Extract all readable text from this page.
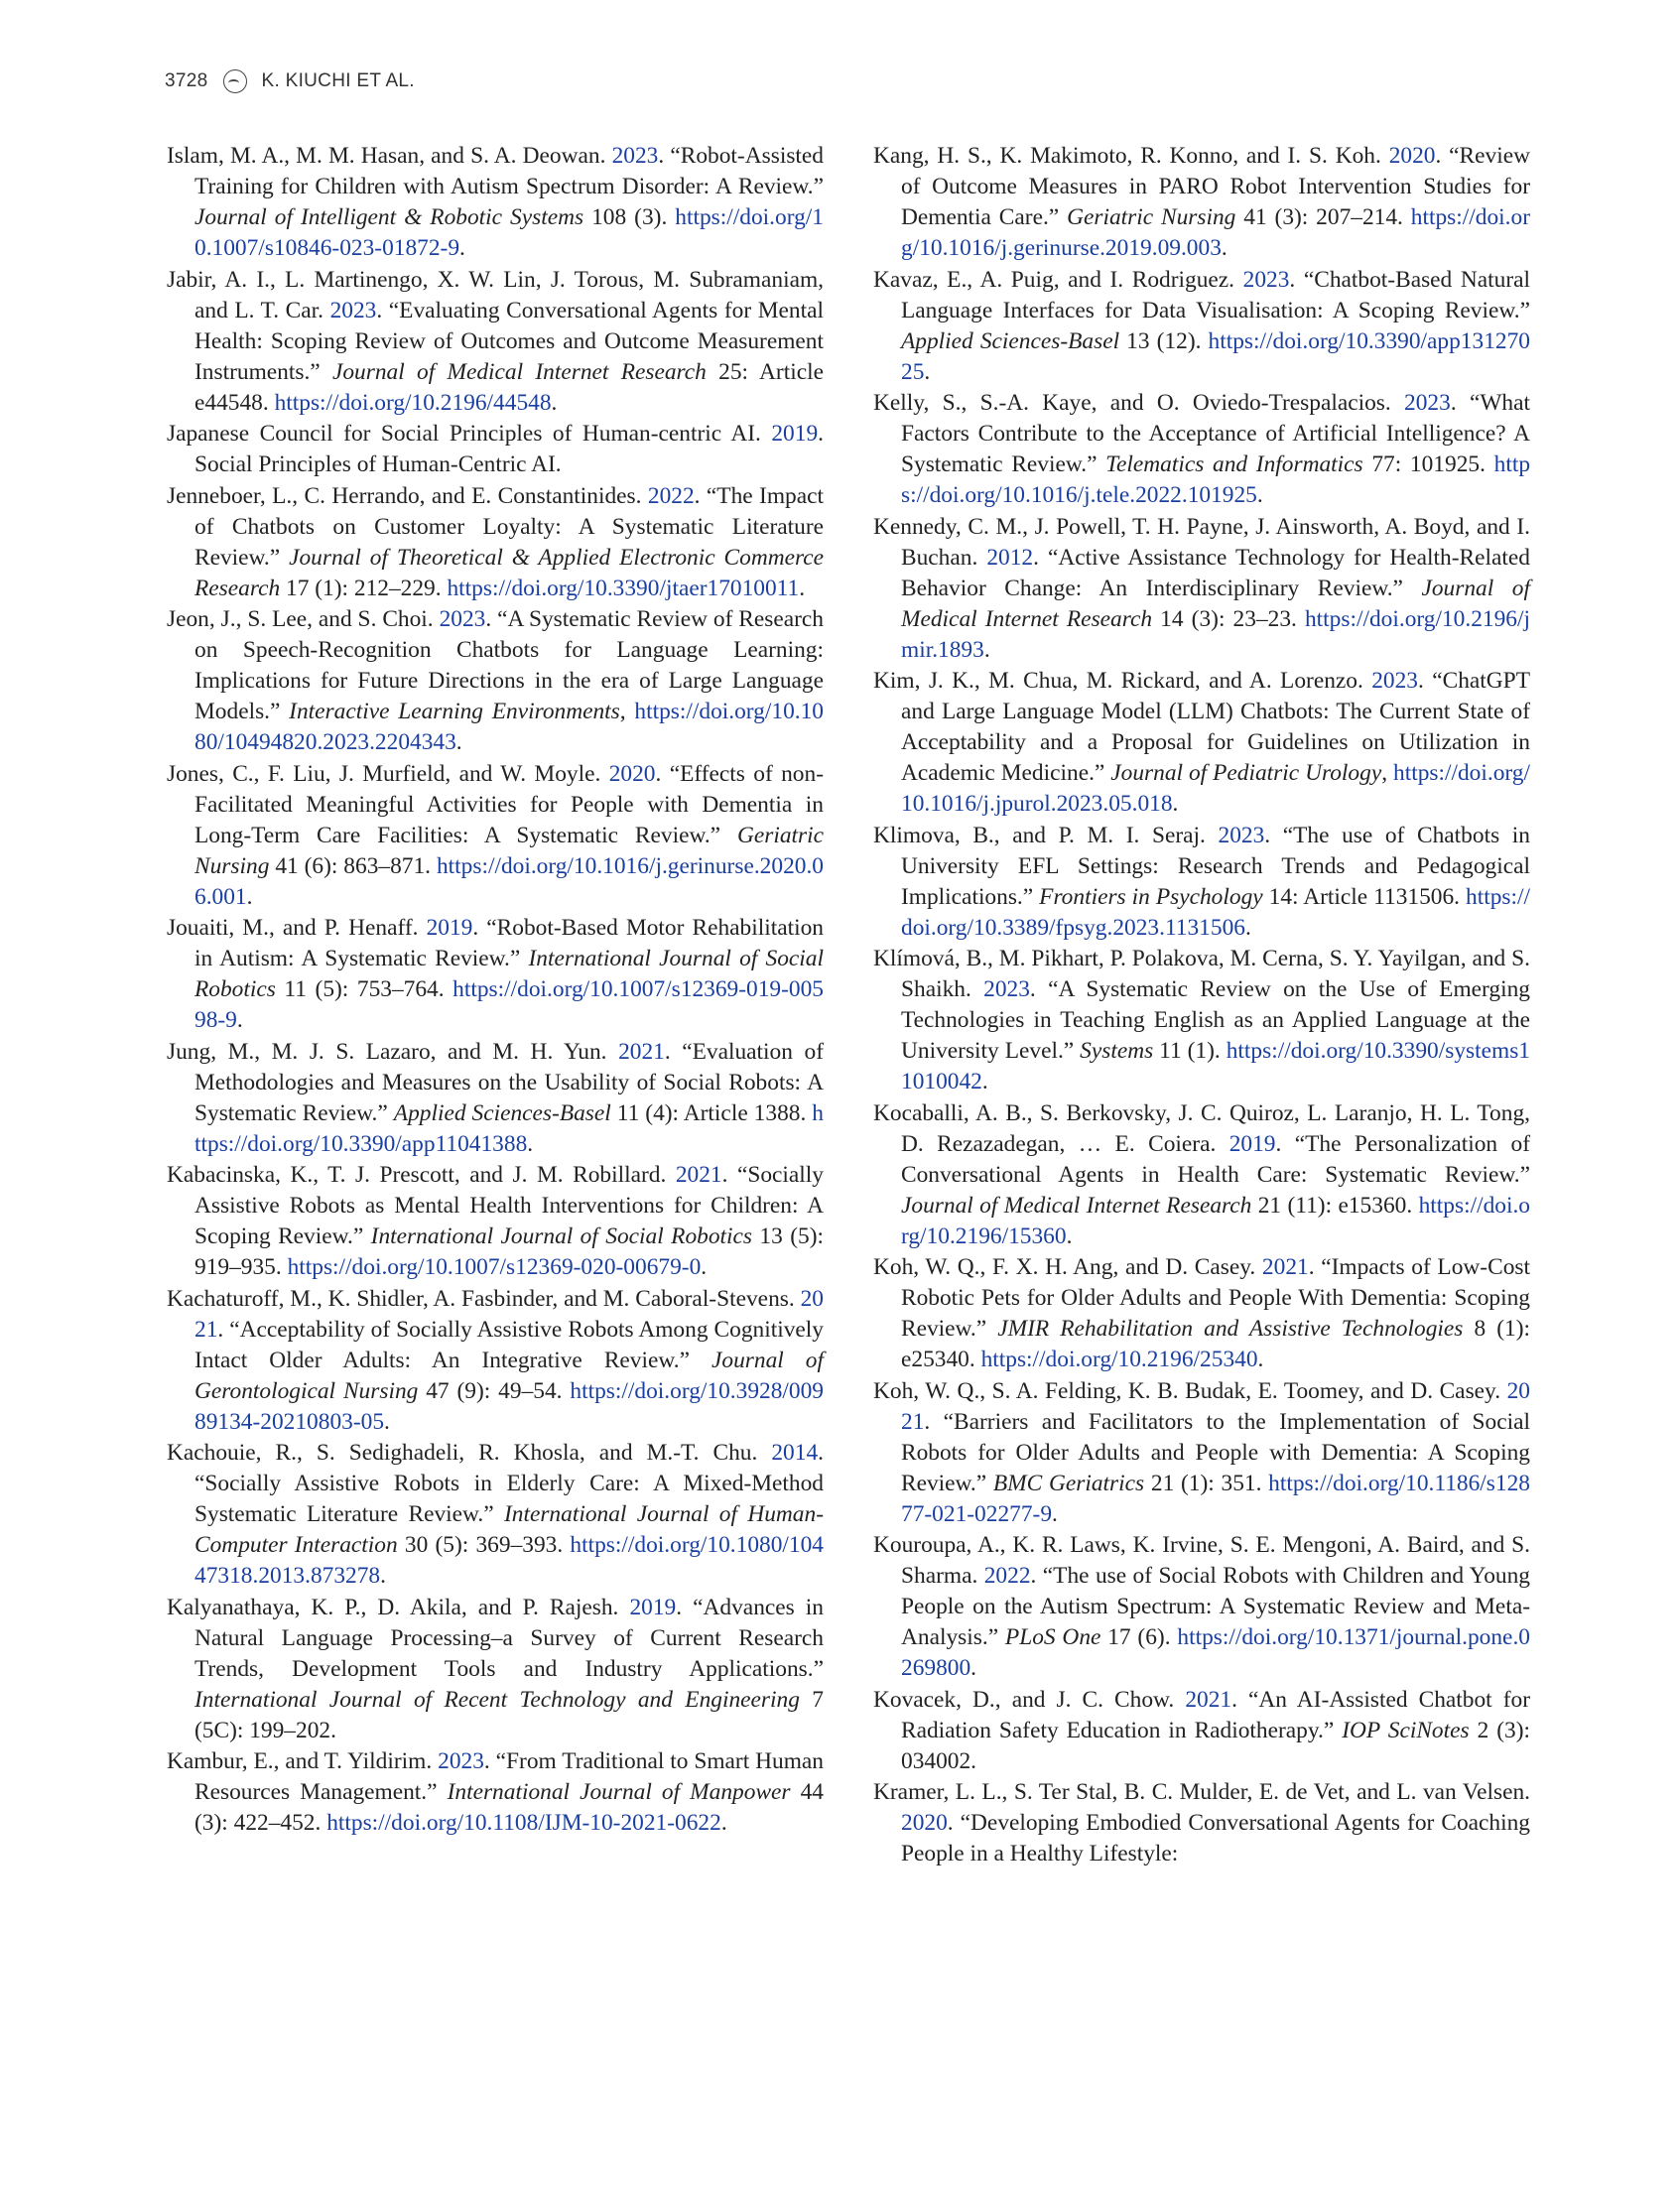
3728	K. KIUCHI ET AL.

Islam, M. A., M. M. Hasan, and S. A. Deowan. 2023. “Robot-Assisted Training for Children with Autism Spectrum Disorder: A Review.” Journal of Intelligent & Robotic Systems 108 (3). https://doi.org/10.1007/s10846-023-01872-9.

Jabir, A. I., L. Martinengo, X. W. Lin, J. Torous, M. Subramaniam, and L. T. Car. 2023. “Evaluating Conversational Agents for Mental Health: Scoping Review of Outcomes and Outcome Measurement Instruments.” Journal of Medical Internet Research 25: Article e44548. https://doi.org/10.2196/44548.

Japanese Council for Social Principles of Human-centric AI. 2019. Social Principles of Human-Centric AI.

Jenneboer, L., C. Herrando, and E. Constantinides. 2022. “The Impact of Chatbots on Customer Loyalty: A Systematic Literature Review.” Journal of Theoretical & Applied Electronic Commerce Research 17 (1): 212–229. https://doi.org/10.3390/jtaer17010011.

Jeon, J., S. Lee, and S. Choi. 2023. “A Systematic Review of Research on Speech-Recognition Chatbots for Language Learning: Implications for Future Directions in the era of Large Language Models.” Interactive Learning Environments, https://doi.org/10.1080/10494820.2023.2204343.

Jones, C., F. Liu, J. Murfield, and W. Moyle. 2020. “Effects of non-Facilitated Meaningful Activities for People with Dementia in Long-Term Care Facilities: A Systematic Review.” Geriatric Nursing 41 (6): 863–871. https://doi.org/10.1016/j.gerinurse.2020.06.001.

Jouaiti, M., and P. Henaff. 2019. “Robot-Based Motor Rehabilitation in Autism: A Systematic Review.” International Journal of Social Robotics 11 (5): 753–764. https://doi.org/10.1007/s12369-019-00598-9.

Jung, M., M. J. S. Lazaro, and M. H. Yun. 2021. “Evaluation of Methodologies and Measures on the Usability of Social Robots: A Systematic Review.” Applied Sciences-Basel 11 (4): Article 1388. https://doi.org/10.3390/app11041388.

Kabacinska, K., T. J. Prescott, and J. M. Robillard. 2021. “Socially Assistive Robots as Mental Health Interventions for Children: A Scoping Review.” International Journal of Social Robotics 13 (5): 919–935. https://doi.org/10.1007/s12369-020-00679-0.

Kachaturoff, M., K. Shidler, A. Fasbinder, and M. Caboral-Stevens. 2021. “Acceptability of Socially Assistive Robots Among Cognitively Intact Older Adults: An Integrative Review.” Journal of Gerontological Nursing 47 (9): 49–54. https://doi.org/10.3928/00989134-20210803-05.

Kachouie, R., S. Sedighadeli, R. Khosla, and M.-T. Chu. 2014. “Socially Assistive Robots in Elderly Care: A Mixed-Method Systematic Literature Review.” International Journal of Human-Computer Interaction 30 (5): 369–393. https://doi.org/10.1080/10447318.2013.873278.

Kalyanathaya, K. P., D. Akila, and P. Rajesh. 2019. “Advances in Natural Language Processing–a Survey of Current Research Trends, Development Tools and Industry Applications.” International Journal of Recent Technology and Engineering 7 (5C): 199–202.

Kambur, E., and T. Yildirim. 2023. “From Traditional to Smart Human Resources Management.” International Journal of Manpower 44 (3): 422–452. https://doi.org/10.1108/IJM-10-2021-0622.

Kang, H. S., K. Makimoto, R. Konno, and I. S. Koh. 2020. “Review of Outcome Measures in PARO Robot Intervention Studies for Dementia Care.” Geriatric Nursing 41 (3): 207–214. https://doi.org/10.1016/j.gerinurse.2019.09.003.

Kavaz, E., A. Puig, and I. Rodriguez. 2023. “Chatbot-Based Natural Language Interfaces for Data Visualisation: A Scoping Review.” Applied Sciences-Basel 13 (12). https://doi.org/10.3390/app13127025.

Kelly, S., S.-A. Kaye, and O. Oviedo-Trespalacios. 2023. “What Factors Contribute to the Acceptance of Artificial Intelligence? A Systematic Review.” Telematics and Informatics 77: 101925. https://doi.org/10.1016/j.tele.2022.101925.

Kennedy, C. M., J. Powell, T. H. Payne, J. Ainsworth, A. Boyd, and I. Buchan. 2012. “Active Assistance Technology for Health-Related Behavior Change: An Interdisciplinary Review.” Journal of Medical Internet Research 14 (3): 23–23. https://doi.org/10.2196/jmir.1893.

Kim, J. K., M. Chua, M. Rickard, and A. Lorenzo. 2023. “ChatGPT and Large Language Model (LLM) Chatbots: The Current State of Acceptability and a Proposal for Guidelines on Utilization in Academic Medicine.” Journal of Pediatric Urology, https://doi.org/10.1016/j.jpurol.2023.05.018.

Klimova, B., and P. M. I. Seraj. 2023. “The use of Chatbots in University EFL Settings: Research Trends and Pedagogical Implications.” Frontiers in Psychology 14: Article 1131506. https://doi.org/10.3389/fpsyg.2023.1131506.

Klímová, B., M. Pikhart, P. Polakova, M. Cerna, S. Y. Yayilgan, and S. Shaikh. 2023. “A Systematic Review on the Use of Emerging Technologies in Teaching English as an Applied Language at the University Level.” Systems 11 (1). https://doi.org/10.3390/systems11010042.

Kocaballi, A. B., S. Berkovsky, J. C. Quiroz, L. Laranjo, H. L. Tong, D. Rezazadegan, … E. Coiera. 2019. “The Personalization of Conversational Agents in Health Care: Systematic Review.” Journal of Medical Internet Research 21 (11): e15360. https://doi.org/10.2196/15360.

Koh, W. Q., F. X. H. Ang, and D. Casey. 2021. “Impacts of Low-Cost Robotic Pets for Older Adults and People With Dementia: Scoping Review.” JMIR Rehabilitation and Assistive Technologies 8 (1): e25340. https://doi.org/10.2196/25340.

Koh, W. Q., S. A. Felding, K. B. Budak, E. Toomey, and D. Casey. 2021. “Barriers and Facilitators to the Implementation of Social Robots for Older Adults and People with Dementia: A Scoping Review.” BMC Geriatrics 21 (1): 351. https://doi.org/10.1186/s12877-021-02277-9.

Kouroupa, A., K. R. Laws, K. Irvine, S. E. Mengoni, A. Baird, and S. Sharma. 2022. “The use of Social Robots with Children and Young People on the Autism Spectrum: A Systematic Review and Meta-Analysis.” PLoS One 17 (6). https://doi.org/10.1371/journal.pone.0269800.

Kovacek, D., and J. C. Chow. 2021. “An AI-Assisted Chatbot for Radiation Safety Education in Radiotherapy.” IOP SciNotes 2 (3): 034002.

Kramer, L. L., S. Ter Stal, B. C. Mulder, E. de Vet, and L. van Velsen. 2020. “Developing Embodied Conversational Agents for Coaching People in a Healthy Lifestyle:
